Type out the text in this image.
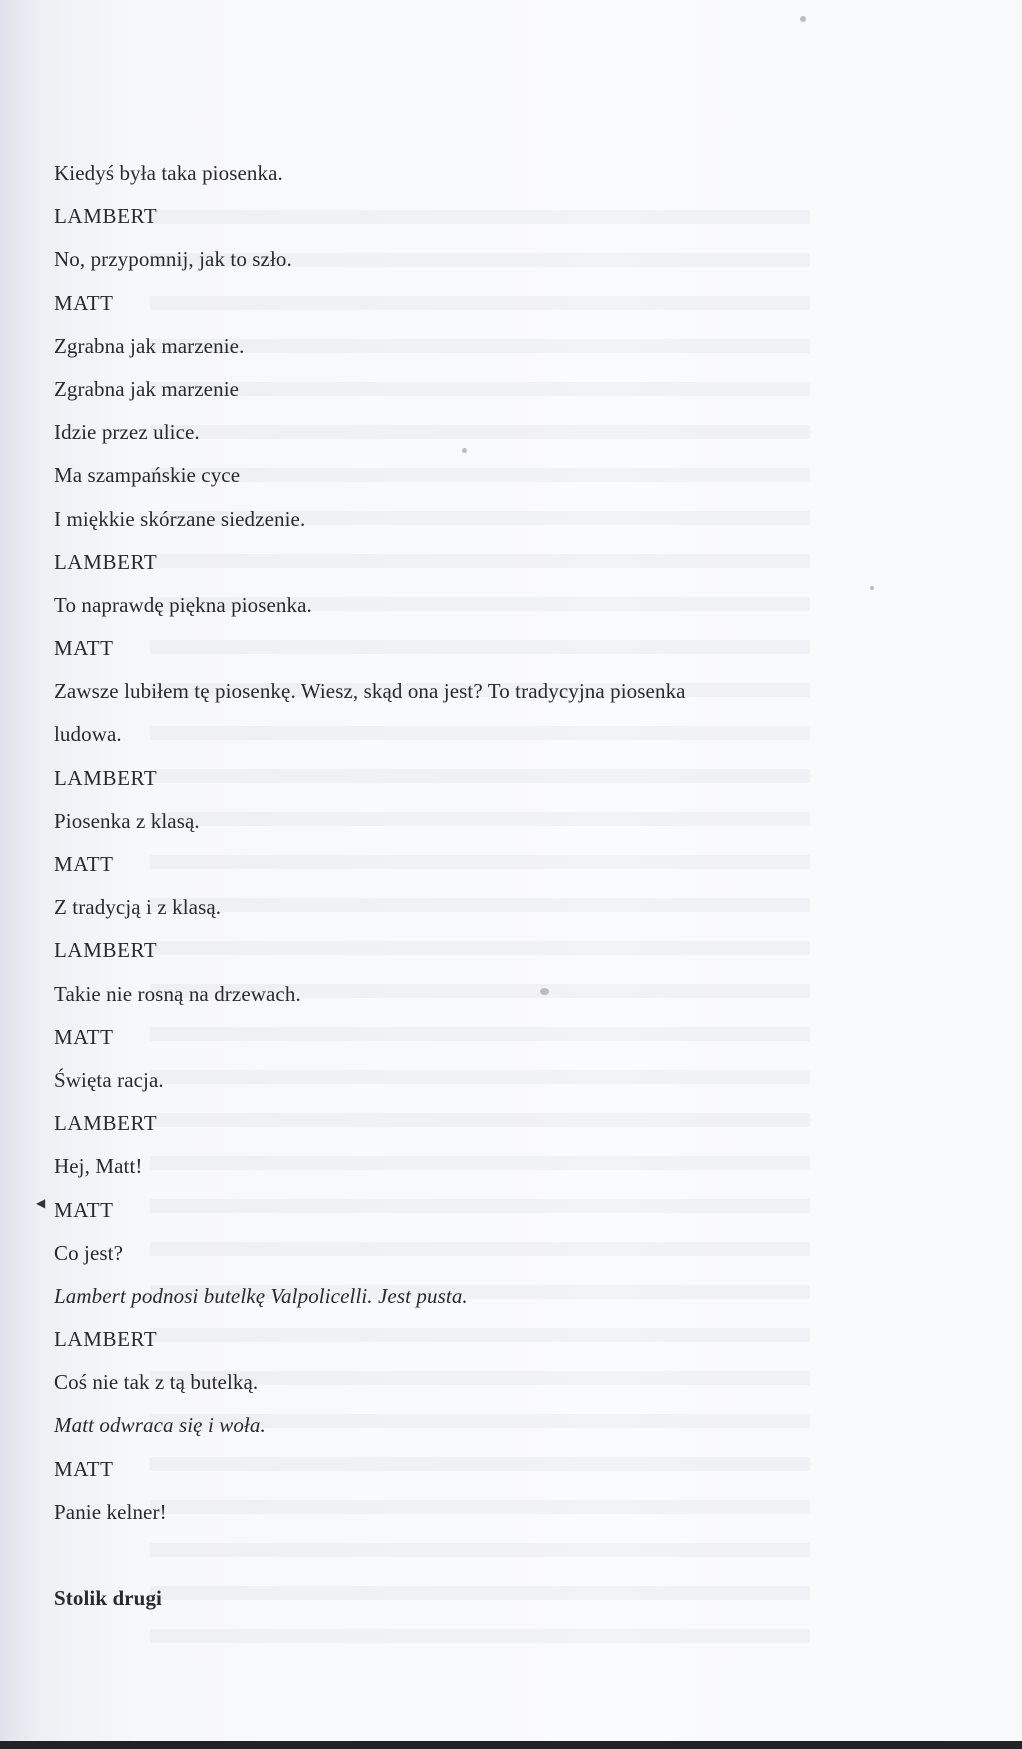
Kiedyś była taka piosenka.
LAMBERT
No, przypomnij, jak to szło.
MATT
Zgrabna jak marzenie.
Zgrabna jak marzenie
Idzie przez ulice.
Ma szampańskie cyce
I miękkie skórzane siedzenie.
LAMBERT
To naprawdę piękna piosenka.
MATT
Zawsze lubiłem tę piosenkę. Wiesz, skąd ona jest? To tradycyjna piosenka
ludowa.
LAMBERT
Piosenka z klasą.
MATT
Z tradycją i z klasą.
LAMBERT
Takie nie rosną na drzewach.
MATT
Święta racja.
LAMBERT
Hej, Matt!
MATT
Co jest?
Lambert podnosi butelkę Valpolicelli. Jest pusta.
LAMBERT
Coś nie tak z tą butelką.
Matt odwraca się i woła.
MATT
Panie kelner!
Stolik drugi
◀
